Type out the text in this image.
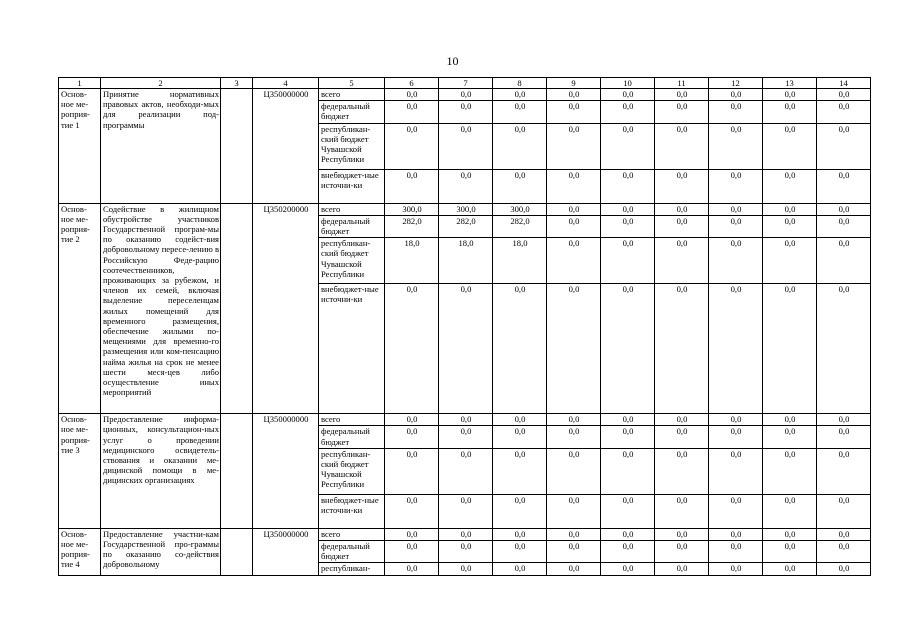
10
1	2	3	4	5	6	7	8	9	10	11	12	13	14
Основ-ное ме-роприя-тие 1	Принятие нормативных правовых актов, необходи-мых для реализации под-программы		Ц350000000	всего	0,0	0,0	0,0	0,0	0,0	0,0	0,0	0,0	0,0
				федеральный бюджет	0,0	0,0	0,0	0,0	0,0	0,0	0,0	0,0	0,0
				республикан-ский бюджет Чувашской Республики	0,0	0,0	0,0	0,0	0,0	0,0	0,0	0,0	0,0
				внебюджет-ные источни-ки	0,0	0,0	0,0	0,0	0,0	0,0	0,0	0,0	0,0
Основ-ное ме-роприя-тие 2	Содействие в жилищном обустройстве участников Государственной програм-мы по оказанию содейст-вия добровольному пересе-лению в Российскую Феде-рацию соотечественников, проживающих за рубежом, и членов их семей, включая выделение переселенцам жилых помещений для временного размещения, обеспечение жилыми по-мещениями для временно-го размещения или ком-пенсацию найма жилья на срок не менее шести меся-цев либо осуществление иных мероприятий		Ц350200000	всего	300,0	300,0	300,0	0,0	0,0	0,0	0,0	0,0	0,0
				федеральный бюджет	282,0	282,0	282,0	0,0	0,0	0,0	0,0	0,0	0,0
				республикан-ский бюджет Чувашской Республики	18,0	18,0	18,0	0,0	0,0	0,0	0,0	0,0	0,0
				внебюджет-ные источни-ки	0,0	0,0	0,0	0,0	0,0	0,0	0,0	0,0	0,0
Основ-ное ме-роприя-тие 3	Предоставление информа-ционных, консультацион-ных услуг о проведении медицинского освидетель-ствования и оказании ме-дицинской помощи в ме-дицинских организациях		Ц350000000	всего	0,0	0,0	0,0	0,0	0,0	0,0	0,0	0,0	0,0
				федеральный бюджет	0,0	0,0	0,0	0,0	0,0	0,0	0,0	0,0	0,0
				республикан-ский бюджет Чувашской Республики	0,0	0,0	0,0	0,0	0,0	0,0	0,0	0,0	0,0
				внебюджет-ные источни-ки	0,0	0,0	0,0	0,0	0,0	0,0	0,0	0,0	0,0
Основ-ное ме-роприя-тие 4	Предоставление участни-кам Государственной про-граммы по оказанию со-действия добровольному		Ц350000000	всего	0,0	0,0	0,0	0,0	0,0	0,0	0,0	0,0	0,0
				федеральный бюджет	0,0	0,0	0,0	0,0	0,0	0,0	0,0	0,0	0,0
				республикан-	0,0	0,0	0,0	0,0	0,0	0,0	0,0	0,0	0,0
